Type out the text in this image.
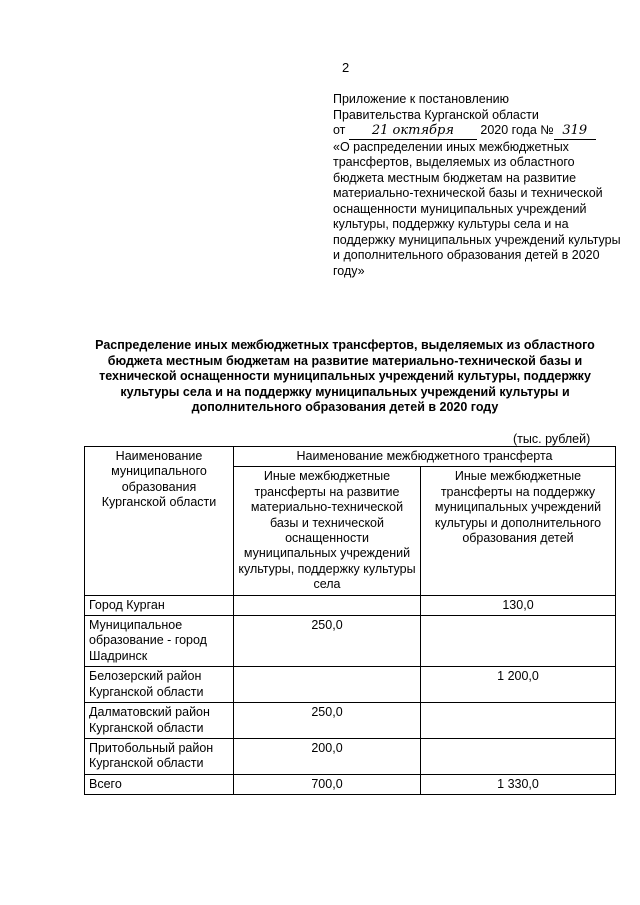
2
Приложение к постановлению
Правительства Курганской области
от 21 октября 2020 года № 319
«О распределении иных межбюджетных трансфертов, выделяемых из областного бюджета местным бюджетам на развитие материально-технической базы и технической оснащенности муниципальных учреждений культуры, поддержку культуры села и на поддержку муниципальных учреждений культуры и дополнительного образования детей в 2020 году»
Распределение иных межбюджетных трансфертов, выделяемых из областного бюджета местным бюджетам на развитие материально-технической базы и технической оснащенности муниципальных учреждений культуры, поддержку культуры села и на поддержку муниципальных учреждений культуры и дополнительного образования детей в 2020 году
(тыс. рублей)
Наименование муниципального образования Курганской области	Наименование межбюджетного трансферта	
	Иные межбюджетные трансферты на развитие материально-технической базы и технической оснащенности муниципальных учреждений культуры, поддержку культуры села	Иные межбюджетные трансферты на поддержку муниципальных учреждений культуры и дополнительного образования детей
Город Курган		130,0
Муниципальное образование - город Шадринск	250,0	
Белозерский район Курганской области		1 200,0
Далматовский район Курганской области	250,0	
Притобольный район Курганской области	200,0	
Всего	700,0	1 330,0
